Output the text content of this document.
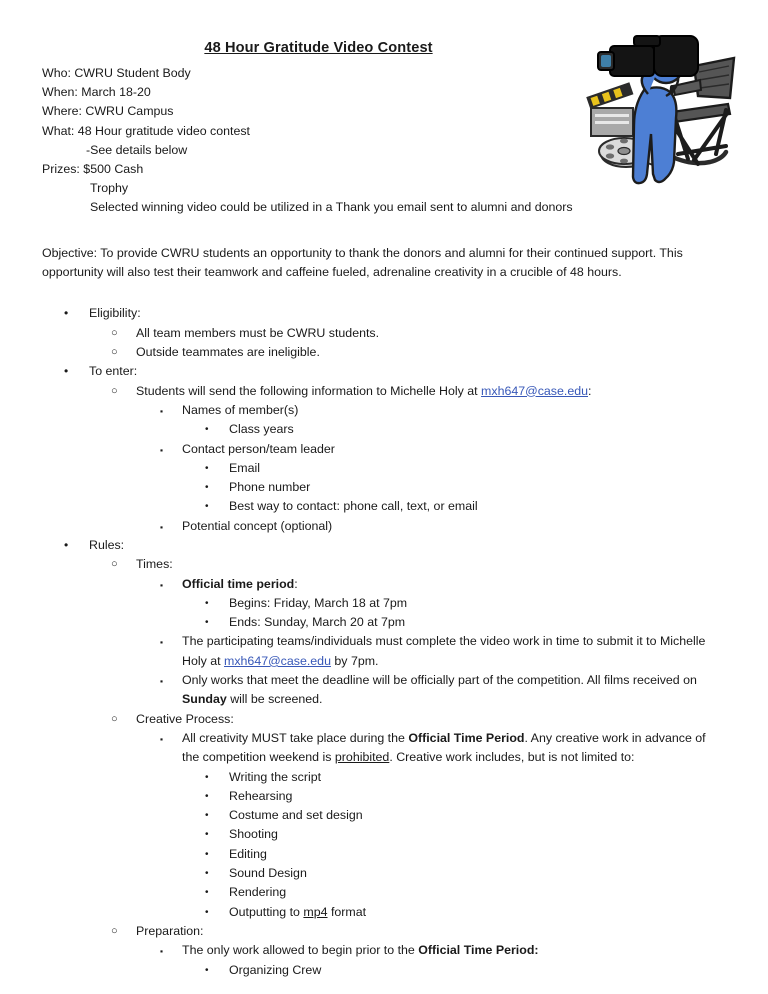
48 Hour Gratitude Video Contest
Who: CWRU Student Body
When: March 18-20
Where: CWRU Campus
What: 48 Hour gratitude video contest
-See details below
Prizes: $500 Cash
Trophy
Selected winning video could be utilized in a Thank you email sent to alumni and donors
Objective: To provide CWRU students an opportunity to thank the donors and alumni for their continued support. This opportunity will also test their teamwork and caffeine fueled, adrenaline creativity in a crucible of 48 hours.
• Eligibility:
○ All team members must be CWRU students.
○ Outside teammates are ineligible.
• To enter:
○ Students will send the following information to Michelle Holy at mxh647@case.edu:
▪ Names of member(s)
• Class years
▪ Contact person/team leader
• Email
• Phone number
• Best way to contact: phone call, text, or email
▪ Potential concept (optional)
• Rules:
○ Times:
▪ Official time period:
• Begins: Friday, March 18 at 7pm
• Ends: Sunday, March 20 at 7pm
▪ The participating teams/individuals must complete the video work in time to submit it to Michelle Holy at mxh647@case.edu by 7pm.
▪ Only works that meet the deadline will be officially part of the competition. All films received on Sunday will be screened.
○ Creative Process:
▪ All creativity MUST take place during the Official Time Period. Any creative work in advance of the competition weekend is prohibited. Creative work includes, but is not limited to:
• Writing the script
• Rehearsing
• Costume and set design
• Shooting
• Editing
• Sound Design
• Rendering
• Outputting to mp4 format
○ Preparation:
▪ The only work allowed to begin prior to the Official Time Period:
• Organizing Crew
